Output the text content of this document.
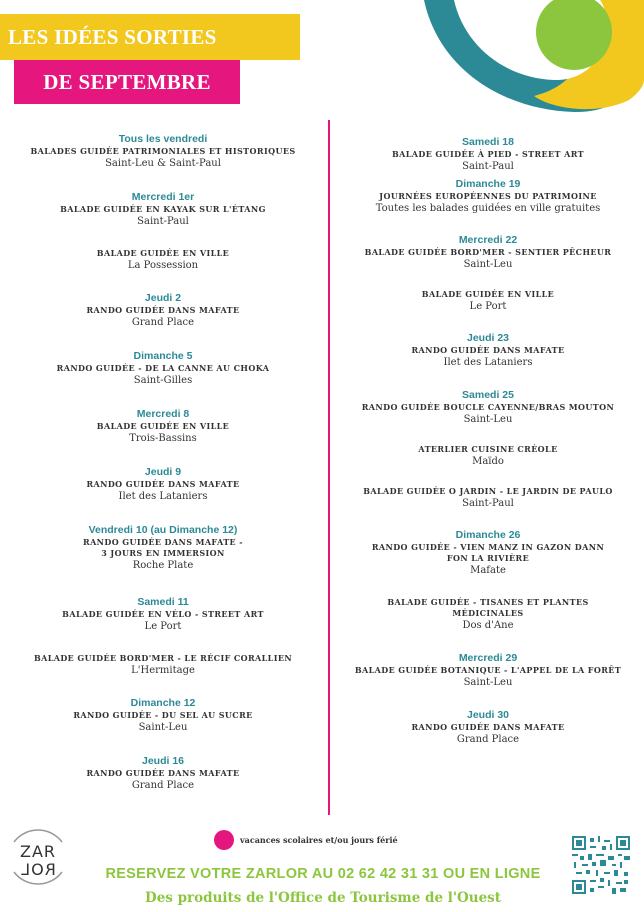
LES IDÉES SORTIES
DE SEPTEMBRE
Tous les vendredi
BALADES GUIDÉE PATRIMONIALES ET HISTORIQUES
Saint-Leu & Saint-Paul
Mercredi 1er
BALADE GUIDÉE EN KAYAK SUR L'ÉTANG
Saint-Paul
BALADE GUIDÉE EN VILLE
La Possession
Jeudi 2
RANDO GUIDÉE DANS MAFATE
Grand Place
Dimanche 5
RANDO GUIDÉE - DE LA CANNE AU CHOKA
Saint-Gilles
Mercredi 8
BALADE GUIDÉE EN VILLE
Trois-Bassins
Jeudi 9
RANDO GUIDÉE DANS MAFATE
Ilet des Lataniers
Vendredi 10 (au Dimanche 12)
RANDO GUIDÉE DANS MAFATE -
3 JOURS EN IMMERSION
Roche Plate
Samedi 11
BALADE GUIDÉE EN VÉLO - STREET ART
Le Port
BALADE GUIDÉE BORD'MER - LE RÉCIF CORALLIEN
L'Hermitage
Dimanche 12
RANDO GUIDÉE - DU SEL AU SUCRE
Saint-Leu
Jeudi 16
RANDO GUIDÉE DANS MAFATE
Grand Place
Samedi 18
BALADE GUIDÉE À PIED - STREET ART
Saint-Paul
Dimanche 19
JOURNÉES EUROPÉENNES DU PATRIMOINE
Toutes les balades guidées en ville gratuites
Mercredi 22
BALADE GUIDÉE BORD'MER - SENTIER PÊCHEUR
Saint-Leu
BALADE GUIDÉE EN VILLE
Le Port
Jeudi 23
RANDO GUIDÉE DANS MAFATE
Ilet des Lataniers
Samedi 25
RANDO GUIDÉE BOUCLE CAYENNE/BRAS MOUTON
Saint-Leu
ATERLIER CUISINE CRÉOLE
Maïdo
BALADE GUIDÉE O JARDIN - LE JARDIN DE PAULO
Saint-Paul
Dimanche 26
RANDO GUIDÉE - VIEN MANZ IN GAZON DANN
FON LA RIVIÈRE
Mafate
BALADE GUIDÉE - TISANES ET PLANTES
MÉDICINALES
Dos d'Ane
Mercredi 29
BALADE GUIDÉE BOTANIQUE - L'APPEL DE LA FORÊT
Saint-Leu
Jeudi 30
RANDO GUIDÉE DANS MAFATE
Grand Place
vacances scolaires et/ou jours férié
ZAR
ROL	RESERVEZ VOTRE ZARLOR AU 02 62 42 31 31 OU EN LIGNE
Des produits de l'Office de Tourisme de l'Ouest
